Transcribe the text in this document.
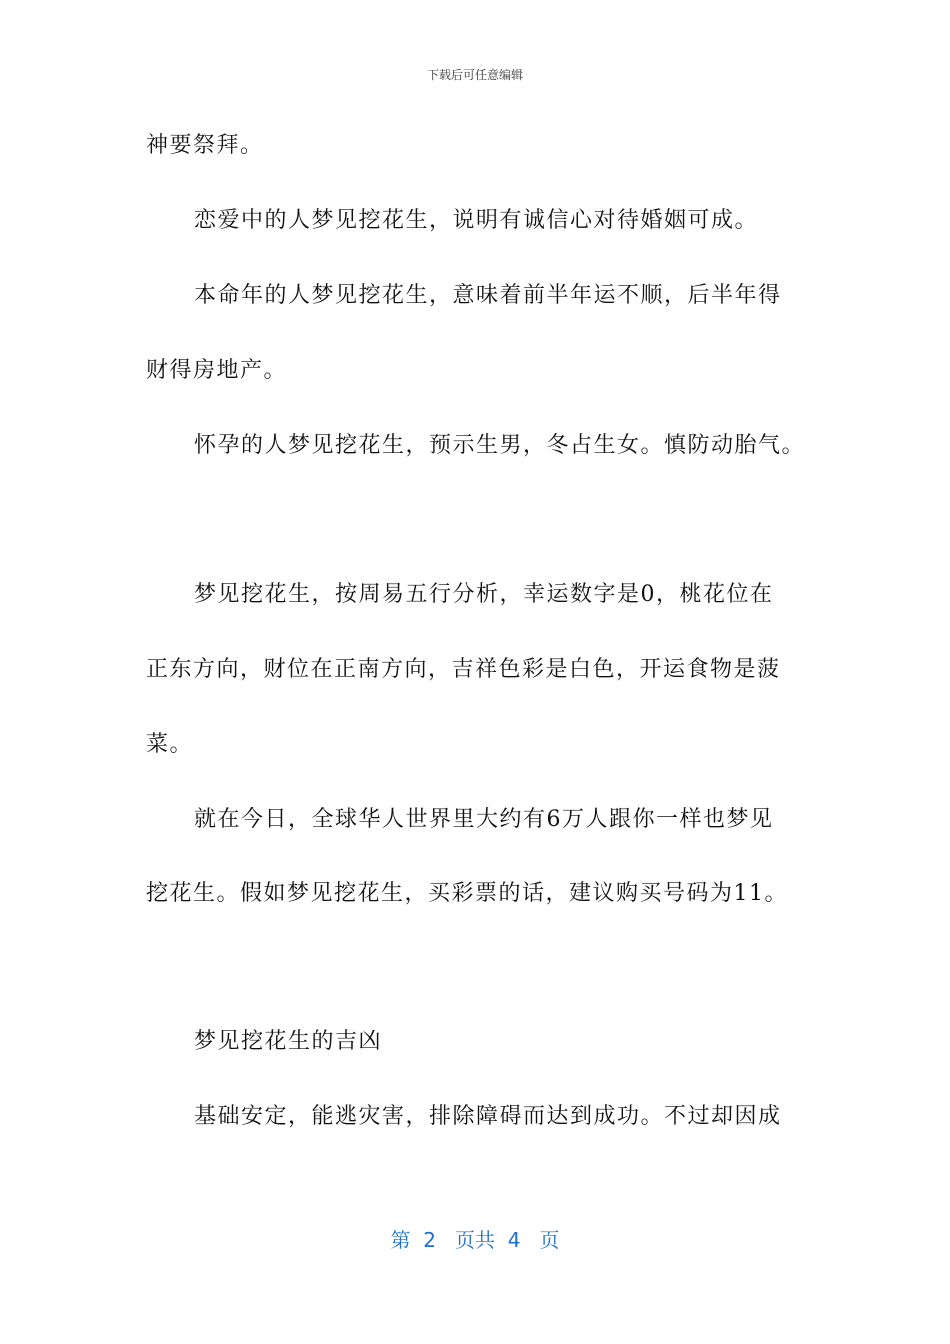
下载后可任意编辑
神要祭拜。
恋爱中的人梦见挖花生，说明有诚信心对待婚姻可成。
本命年的人梦见挖花生，意味着前半年运不顺，后半年得
财得房地产。
怀孕的人梦见挖花生，预示生男，冬占生女。慎防动胎气。
梦见挖花生，按周易五行分析，幸运数字是0，桃花位在
正东方向，财位在正南方向，吉祥色彩是白色，开运食物是菠
菜。
就在今日，全球华人世界里大约有6万人跟你一样也梦见
挖花生。假如梦见挖花生，买彩票的话，建议购买号码为11。
梦见挖花生的吉凶
基础安定，能逃灾害，排除障碍而达到成功。不过却因成
第 2 页共 4 页
